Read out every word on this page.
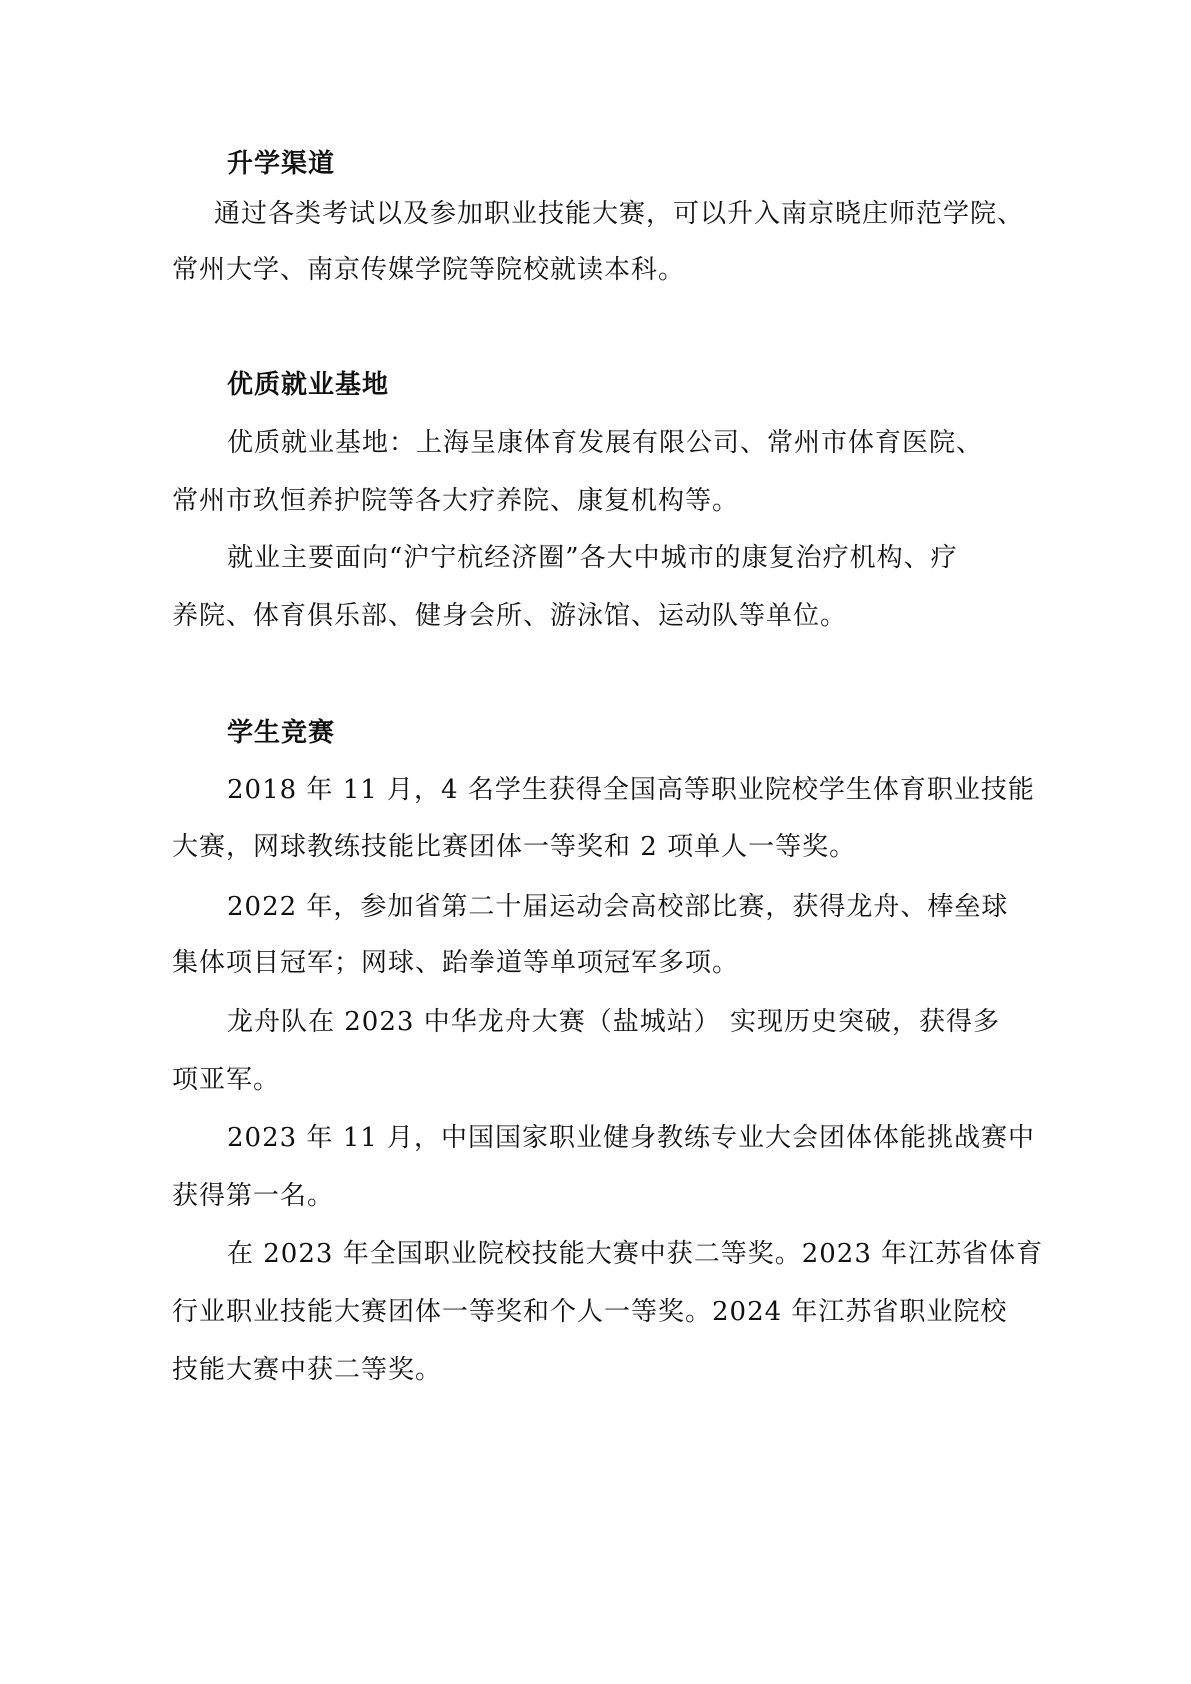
升学渠道
通过各类考试以及参加职业技能大赛，可以升入南京晓庄师范学院、
常州大学、南京传媒学院等院校就读本科。
优质就业基地
优质就业基地：上海呈康体育发展有限公司、常州市体育医院、
常州市玖恒养护院等各大疗养院、康复机构等。
就业主要面向“沪宁杭经济圈”各大中城市的康复治疗机构、疗
养院、体育俱乐部、健身会所、游泳馆、运动队等单位。
学生竞赛
2018 年 11 月，4 名学生获得全国高等职业院校学生体育职业技能
大赛，网球教练技能比赛团体一等奖和 2 项单人一等奖。
2022 年，参加省第二十届运动会高校部比赛，获得龙舟、棒垒球
集体项目冠军；网球、跆拳道等单项冠军多项。
龙舟队在 2023 中华龙舟大赛（盐城站） 实现历史突破，获得多
项亚军。
2023 年 11 月，中国国家职业健身教练专业大会团体体能挑战赛中
获得第一名。
在 2023 年全国职业院校技能大赛中获二等奖。2023 年江苏省体育
行业职业技能大赛团体一等奖和个人一等奖。2024 年江苏省职业院校
技能大赛中获二等奖。
